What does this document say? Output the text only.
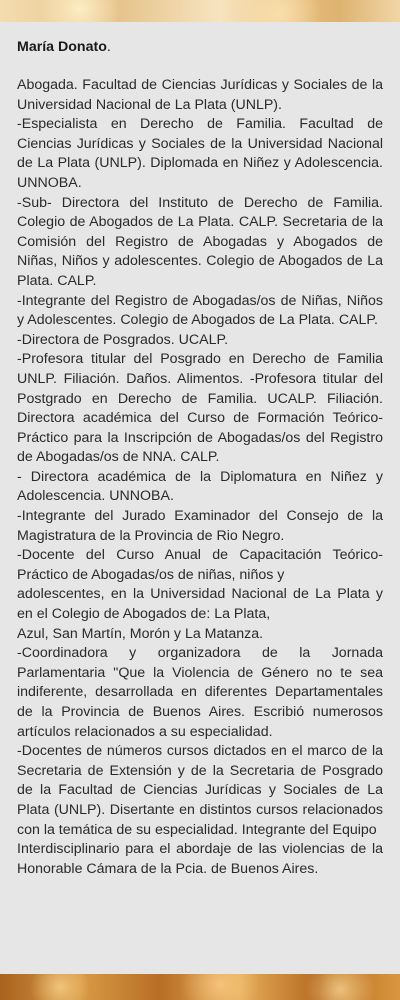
María Donato.

Abogada. Facultad de Ciencias Jurídicas y Sociales de la Universidad Nacional de La Plata (UNLP).
-Especialista en Derecho de Familia. Facultad de Ciencias Jurídicas y Sociales de la Universidad Nacional de La Plata (UNLP). Diplomada en Niñez y Adolescencia. UNNOBA.
-Sub- Directora del Instituto de Derecho de Familia. Colegio de Abogados de La Plata. CALP. Secretaria de la Comisión del Registro de Abogadas y Abogados de Niñas, Niños y adolescentes. Colegio de Abogados de La Plata. CALP.
-Integrante del Registro de Abogadas/os de Niñas, Niños y Adolescentes. Colegio de Abogados de La Plata. CALP.
-Directora de Posgrados. UCALP.
-Profesora titular del Posgrado en Derecho de Familia UNLP. Filiación. Daños. Alimentos. -Profesora titular del Postgrado en Derecho de Familia. UCALP. Filiación. Directora académica del Curso de Formación Teórico-Práctico para la Inscripción de Abogadas/os del Registro de Abogadas/os de NNA. CALP.
- Directora académica de la Diplomatura en Niñez y Adolescencia. UNNOBA.
-Integrante del Jurado Examinador del Consejo de la Magistratura de la Provincia de Rio Negro.
-Docente del Curso Anual de Capacitación Teórico-Práctico de Abogadas/os de niñas, niños y
adolescentes, en la Universidad Nacional de La Plata y en el Colegio de Abogados de: La Plata,
Azul, San Martín, Morón y La Matanza.
-Coordinadora y organizadora de la Jornada Parlamentaria "Que la Violencia de Género no te sea indiferente, desarrollada en diferentes Departamentales de la Provincia de Buenos Aires. Escribió numerosos artículos relacionados a su especialidad.
-Docentes de números cursos dictados en el marco de la Secretaria de Extensión y de la Secretaria de Posgrado de la Facultad de Ciencias Jurídicas y Sociales de La Plata (UNLP). Disertante en distintos cursos relacionados con la temática de su especialidad. Integrante del Equipo
Interdisciplinario para el abordaje de las violencias de la Honorable Cámara de la Pcia. de Buenos Aires.
